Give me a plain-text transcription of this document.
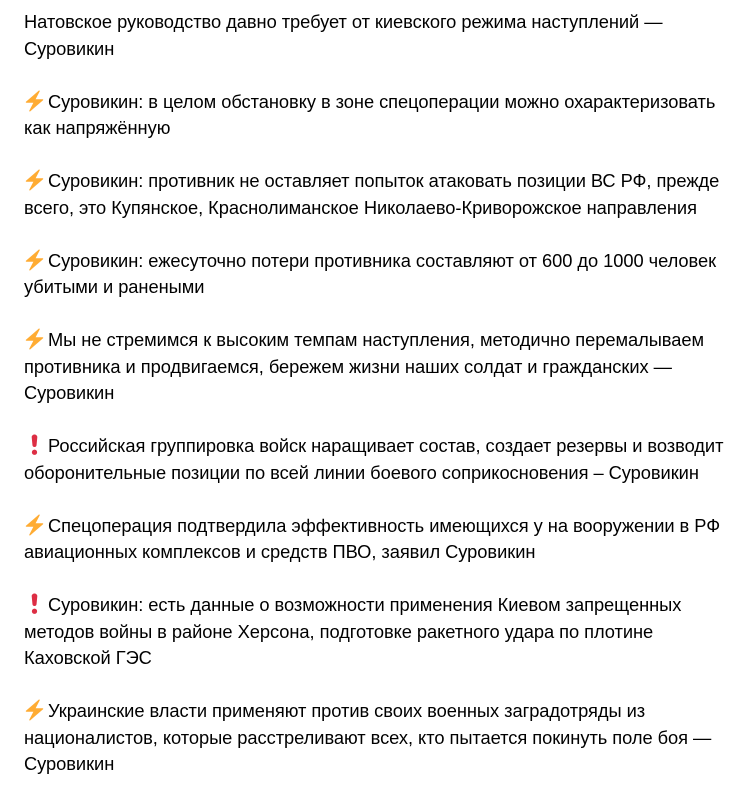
Натовское руководство давно требует от киевского режима наступлений — Суровикин

Суровикин: в целом обстановку в зоне спецоперации можно охарактеризовать как напряжённую

Суровикин: противник не оставляет попыток атаковать позиции ВС РФ, прежде всего, это Купянское, Краснолиманское Николаево-Криворожское направления

Суровикин: ежесуточно потери противника составляют от 600 до 1000 человек убитыми и ранеными

Мы не стремимся к высоким темпам наступления, методично перемалываем противника и продвигаемся, бережем жизни наших солдат и гражданских — Суровикин

Российская группировка войск наращивает состав, создает резервы и возводит оборонительные позиции по всей линии боевого соприкосновения – Суровикин

Спецоперация подтвердила эффективность имеющихся у на вооружении в РФ авиационных комплексов и средств ПВО, заявил Суровикин

Суровикин: есть данные о возможности применения Киевом запрещенных методов войны в районе Херсона, подготовке ракетного удара по плотине Каховской ГЭС

Украинские власти применяют против своих военных заградотряды из националистов, которые расстреливают всех, кто пытается покинуть поле боя — Суровикин
